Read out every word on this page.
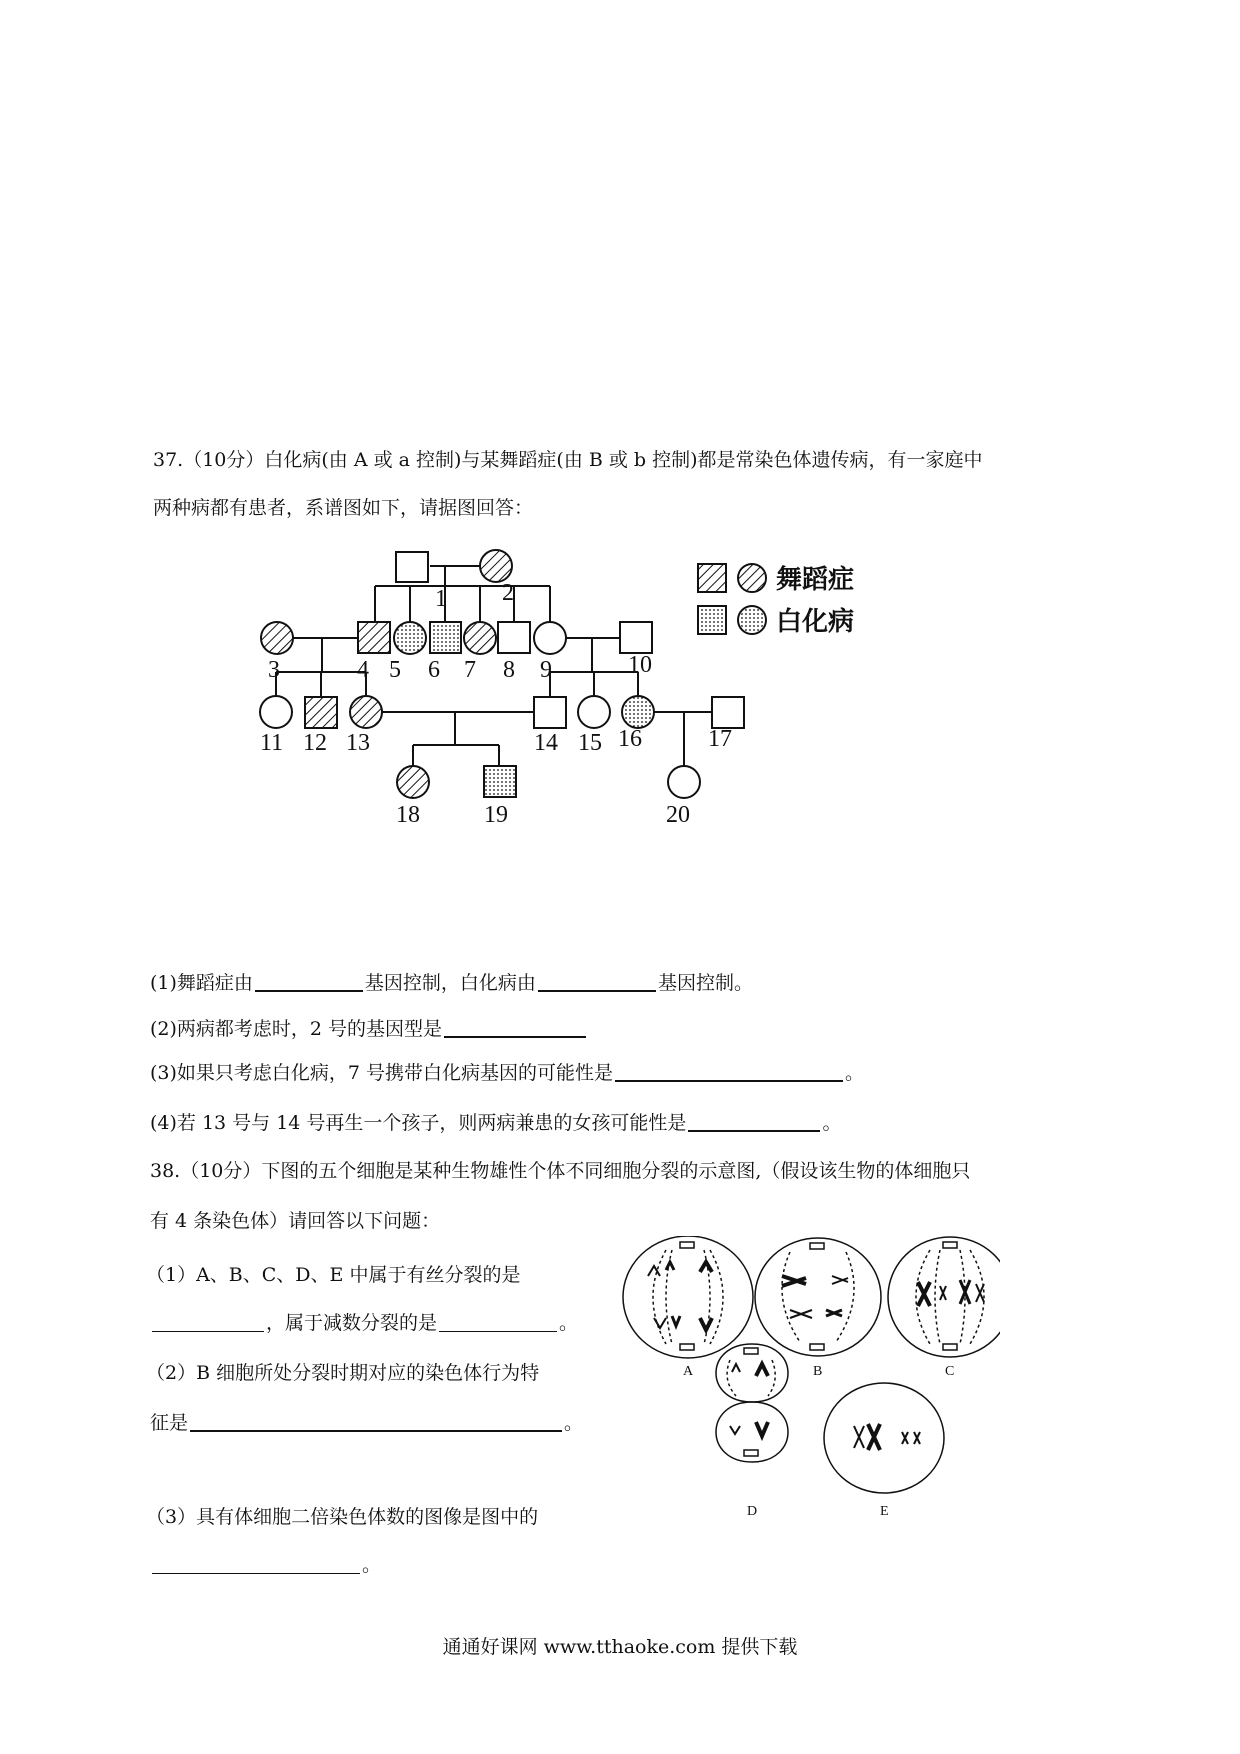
37.（10分）白化病(由 A 或 a 控制)与某舞蹈症(由 B 或 b 控制)都是常染色体遗传病，有一家庭中
两种病都有患者，系谱图如下，请据图回答：
1 2
3	4 5 6 7 8 9	10
11 12 13	14 15 16	17
18	19	20
舞蹈症
白化病
(1)舞蹈症由	基因控制，白化病由	基因控制。
(2)两病都考虑时，2 号的基因型是
(3)如果只考虑白化病，7 号携带白化病基因的可能性是	。
(4)若 13 号与 14 号再生一个孩子，则两病兼患的女孩可能性是	。
38.（10分）下图的五个细胞是某种生物雄性个体不同细胞分裂的示意图,（假设该生物的体细胞只
有 4 条染色体）请回答以下问题：
（1）A、B、C、D、E 中属于有丝分裂的是
，属于减数分裂的是	。
（2）B 细胞所处分裂时期对应的染色体行为特
征是	。
（3）具有体细胞二倍染色体数的图像是图中的
。
A	B	C
D	E
通通好课网 www.tthaoke.com 提供下载
